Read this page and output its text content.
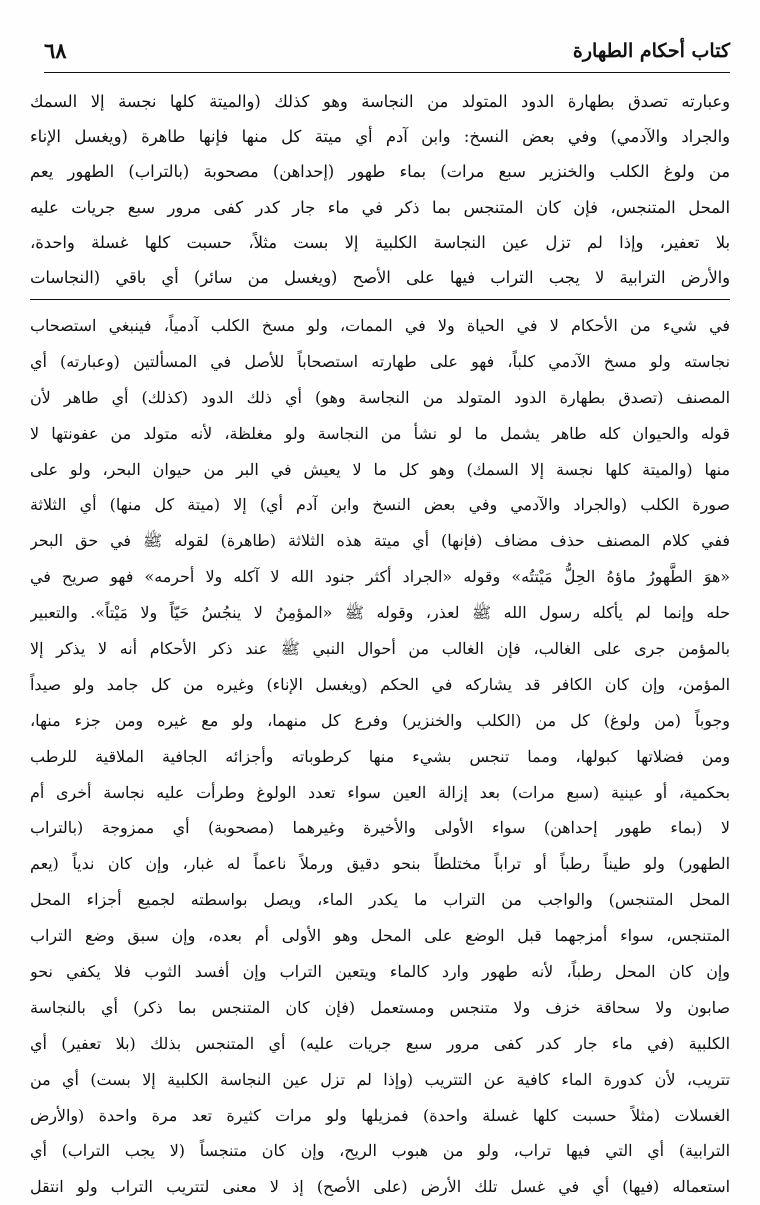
كتاب أحكام الطهارة
٦٨
وعبارته تصدق بطهارة الدود المتولد من النجاسة وهو كذلك (والميتة كلها نجسة إلا السمك
والجراد والآدمي) وفي بعض النسخ: وابن آدم أي ميتة كل منها فإنها طاهرة (ويغسل الإناء
من ولوغ الكلب والخنزير سبع مرات) بماء طهور (إحداهن) مصحوبة (بالتراب) الطهور يعم
المحل المتنجس، فإن كان المتنجس بما ذكر في ماء جار كدر كفى مرور سبع جريات عليه
بلا تعفير، وإذا لم تزل عين النجاسة الكلبية إلا بست مثلاً، حسبت كلها غسلة واحدة،
والأرض الترابية لا يجب التراب فيها على الأصح (ويغسل من سائر) أي باقي (النجاسات
في شيء من الأحكام لا في الحياة ولا في الممات، ولو مسخ الكلب آدمياً، فينبغي استصحاب
نجاسته ولو مسخ الآدمي كلباً، فهو على طهارته استصحاباً للأصل في المسألتين (وعبارته) أي
المصنف (تصدق بطهارة الدود المتولد من النجاسة وهو) أي ذلك الدود (كذلك) أي طاهر لأن
قوله والحيوان كله طاهر يشمل ما لو نشأ من النجاسة ولو مغلظة، لأنه متولد من عفونتها لا
منها (والميتة كلها نجسة إلا السمك) وهو كل ما لا يعيش في البر من حيوان البحر، ولو على
صورة الكلب (والجراد والآدمي وفي بعض النسخ وابن آدم أي) إلا (ميتة كل منها) أي الثلاثة
ففي كلام المصنف حذف مضاف (فإنها) أي ميتة هذه الثلاثة (طاهرة) لقوله ﷺ في حق البحر
«هوَ الطَّهورُ ماؤهُ الحِلُّ مَيْتتُه» وقوله «الجراد أكثر جنود الله لا آكله ولا أحرمه» فهو صريح في
حله وإنما لم يأكله رسول الله ﷺ لعذر، وقوله ﷺ «المؤمِنُ لا ينجُسُ حَيّاً ولا مَيْتاً». والتعبير
بالمؤمن جرى على الغالب، فإن الغالب من أحوال النبي ﷺ عند ذكر الأحكام أنه لا يذكر إلا
المؤمن، وإن كان الكافر قد يشاركه في الحكم (ويغسل الإناء) وغيره من كل جامد ولو صيداً
وجوباً (من ولوغ) كل من (الكلب والخنزير) وفرع كل منهما، ولو مع غيره ومن جزء منها،
ومن فضلاتها كبولها، ومما تنجس بشيء منها كرطوباته وأجزائه الجافية الملاقية للرطب
بحكمية، أو عينية (سبع مرات) بعد إزالة العين سواء تعدد الولوغ وطرأت عليه نجاسة أخرى أم
لا (بماء طهور إحداهن) سواء الأولى والأخيرة وغيرهما (مصحوبة) أي ممزوجة (بالتراب
الطهور) ولو طيناً رطباً أو تراباً مختلطاً بنحو دقيق ورملاً ناعماً له غبار، وإن كان ندياً (يعم
المحل المتنجس) والواجب من التراب ما يكدر الماء، ويصل بواسطته لجميع أجزاء المحل
المتنجس، سواء أمزجهما قبل الوضع على المحل وهو الأولى أم بعده، وإن سبق وضع التراب
وإن كان المحل رطباً، لأنه طهور وارد كالماء ويتعين التراب وإن أفسد الثوب فلا يكفي نحو
صابون ولا سحاقة خزف ولا متنجس ومستعمل (فإن كان المتنجس بما ذكر) أي بالنجاسة
الكلبية (في ماء جار كدر كفى مرور سبع جريات عليه) أي المتنجس بذلك (بلا تعفير) أي
تتريب، لأن كدورة الماء كافية عن التتريب (وإذا لم تزل عين النجاسة الكلبية إلا بست) أي من
الغسلات (مثلاً حسبت كلها غسلة واحدة) فمزيلها ولو مرات كثيرة تعد مرة واحدة (والأرض
الترابية) أي التي فيها تراب، ولو من هبوب الريح، وإن كان متنجساً (لا يجب التراب) أي
استعماله (فيها) أي في غسل تلك الأرض (على الأصح) إذ لا معنى لتتريب التراب ولو انتقل
